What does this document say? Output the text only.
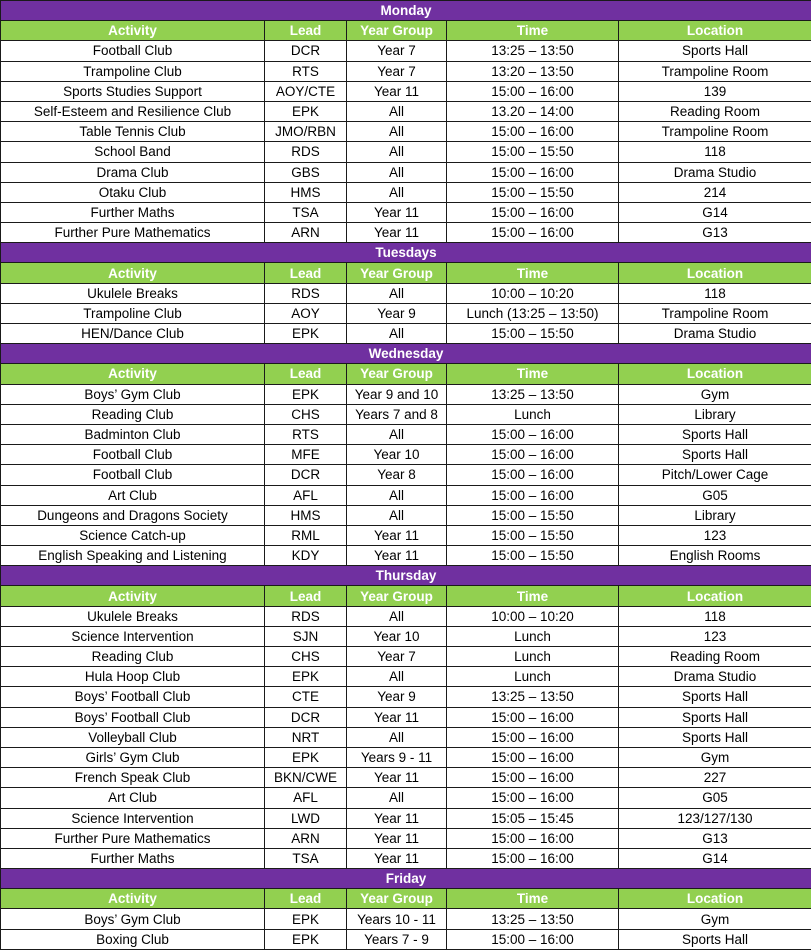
Monday				
Activity	Lead	Year Group	Time	Location
Football Club	DCR	Year 7	13:25 – 13:50	Sports Hall
Trampoline Club	RTS	Year 7	13:20 – 13:50	Trampoline Room
Sports Studies Support	AOY/CTE	Year 11	15:00 – 16:00	139
Self-Esteem and Resilience Club	EPK	All	13.20 – 14:00	Reading Room
Table Tennis Club	JMO/RBN	All	15:00 – 16:00	Trampoline Room
School Band	RDS	All	15:00 – 15:50	118
Drama Club	GBS	All	15:00 – 16:00	Drama Studio
Otaku Club	HMS	All	15:00 – 15:50	214
Further Maths	TSA	Year 11	15:00 – 16:00	G14
Further Pure Mathematics	ARN	Year 11	15:00 – 16:00	G13
Tuesdays				
Activity	Lead	Year Group	Time	Location
Ukulele Breaks	RDS	All	10:00 – 10:20	118
Trampoline Club	AOY	Year 9	Lunch (13:25 – 13:50)	Trampoline Room
HEN/Dance Club	EPK	All	15:00 – 15:50	Drama Studio
Wednesday				
Activity	Lead	Year Group	Time	Location
Boys’ Gym Club	EPK	Year 9 and 10	13:25 – 13:50	Gym
Reading Club	CHS	Years 7 and 8	Lunch	Library
Badminton Club	RTS	All	15:00 – 16:00	Sports Hall
Football Club	MFE	Year 10	15:00 – 16:00	Sports Hall
Football Club	DCR	Year 8	15:00 – 16:00	Pitch/Lower Cage
Art Club	AFL	All	15:00 – 16:00	G05
Dungeons and Dragons Society	HMS	All	15:00 – 15:50	Library
Science Catch-up	RML	Year 11	15:00 – 15:50	123
English Speaking and Listening	KDY	Year 11	15:00 – 15:50	English Rooms
Thursday				
Activity	Lead	Year Group	Time	Location
Ukulele Breaks	RDS	All	10:00 – 10:20	118
Science Intervention	SJN	Year 10	Lunch	123
Reading Club	CHS	Year 7	Lunch	Reading Room
Hula Hoop Club	EPK	All	Lunch	Drama Studio
Boys’ Football Club	CTE	Year 9	13:25 – 13:50	Sports Hall
Boys’ Football Club	DCR	Year 11	15:00 – 16:00	Sports Hall
Volleyball Club	NRT	All	15:00 – 16:00	Sports Hall
Girls’ Gym Club	EPK	Years 9 - 11	15:00 – 16:00	Gym
French Speak Club	BKN/CWE	Year 11	15:00 – 16:00	227
Art Club	AFL	All	15:00 – 16:00	G05
Science Intervention	LWD	Year 11	15:05 – 15:45	123/127/130
Further Pure Mathematics	ARN	Year 11	15:00 – 16:00	G13
Further Maths	TSA	Year 11	15:00 – 16:00	G14
Friday				
Activity	Lead	Year Group	Time	Location
Boys’ Gym Club	EPK	Years 10 - 11	13:25 – 13:50	Gym
Boxing Club	EPK	Years 7 - 9	15:00 – 16:00	Sports Hall
